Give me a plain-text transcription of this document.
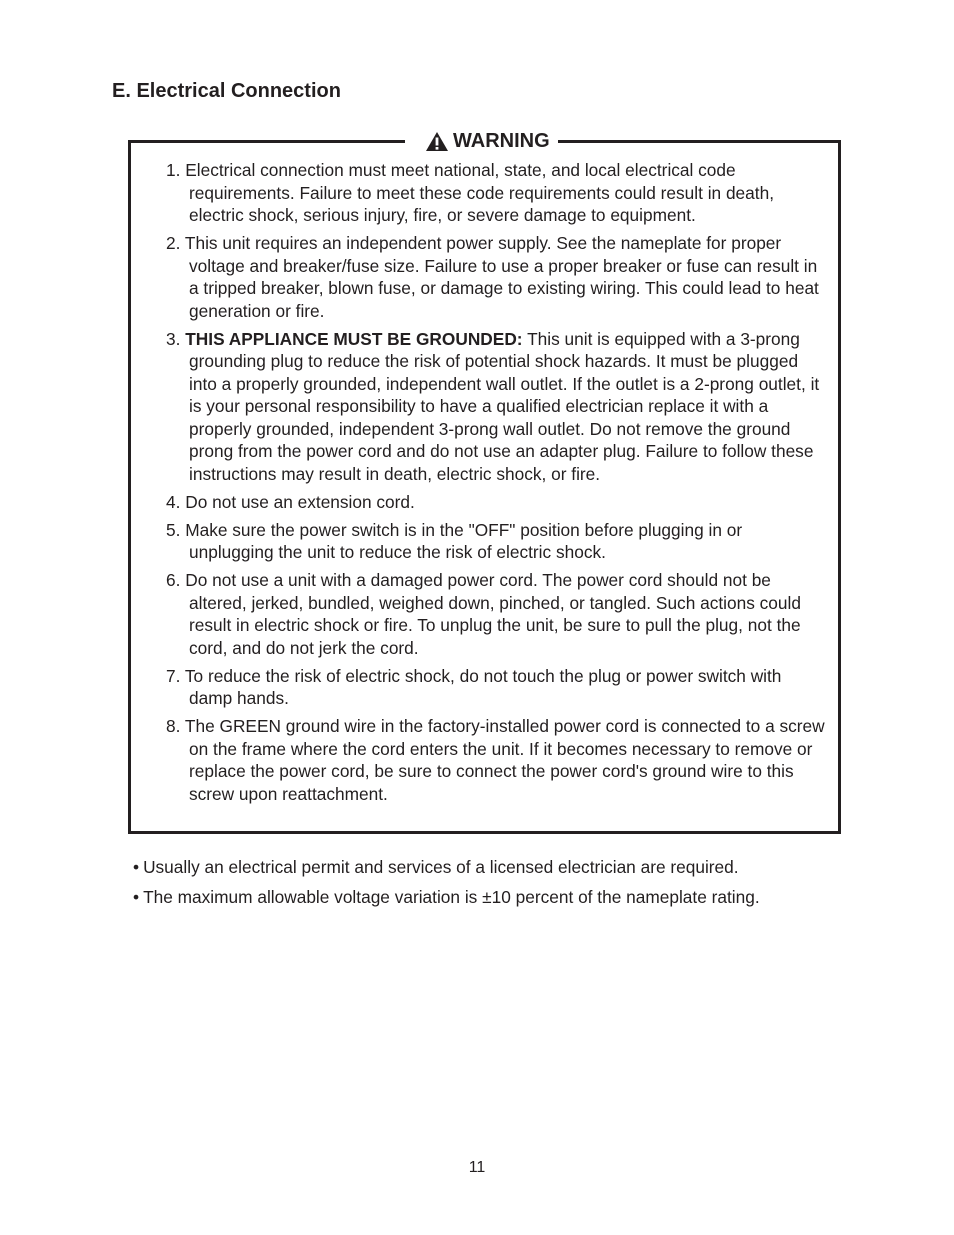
E. Electrical Connection
WARNING
1. Electrical connection must meet national, state, and local electrical code requirements. Failure to meet these code requirements could result in death, electric shock, serious injury, fire, or severe damage to equipment.
2. This unit requires an independent power supply. See the nameplate for proper voltage and breaker/fuse size. Failure to use a proper breaker or fuse can result in a tripped breaker, blown fuse, or damage to existing wiring. This could lead to heat generation or fire.
3. THIS APPLIANCE MUST BE GROUNDED: This unit is equipped with a 3-prong grounding plug to reduce the risk of potential shock hazards. It must be plugged into a properly grounded, independent wall outlet. If the outlet is a 2-prong outlet, it is your personal responsibility to have a qualified electrician replace it with a properly grounded, independent 3-prong wall outlet. Do not remove the ground prong from the power cord and do not use an adapter plug. Failure to follow these instructions may result in death, electric shock, or fire.
4. Do not use an extension cord.
5. Make sure the power switch is in the "OFF" position before plugging in or unplugging the unit to reduce the risk of electric shock.
6. Do not use a unit with a damaged power cord. The power cord should not be altered, jerked, bundled, weighed down, pinched, or tangled. Such actions could result in electric shock or fire. To unplug the unit, be sure to pull the plug, not the cord, and do not jerk the cord.
7. To reduce the risk of electric shock, do not touch the plug or power switch with damp hands.
8. The GREEN ground wire in the factory-installed power cord is connected to a screw on the frame where the cord enters the unit. If it becomes necessary to remove or replace the power cord, be sure to connect the power cord's ground wire to this screw upon reattachment.
• Usually an electrical permit and services of a licensed electrician are required.
• The maximum allowable voltage variation is ±10 percent of the nameplate rating.
11
